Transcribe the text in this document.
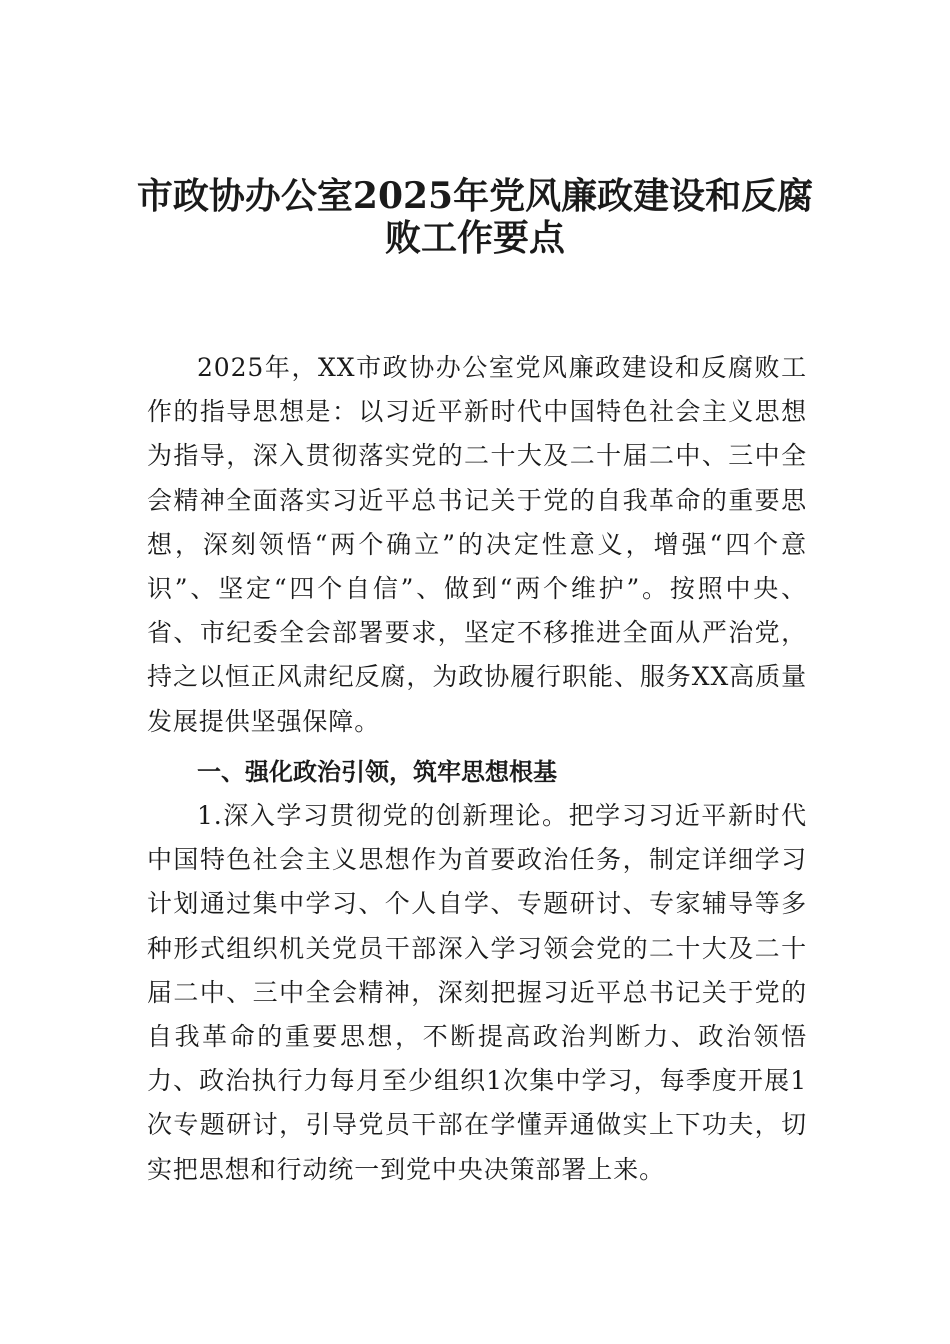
市政协办公室2025年党风廉政建设和反腐
败工作要点

2025年，XX市政协办公室党风廉政建设和反腐败工作的指导思想是：以习近平新时代中国特色社会主义思想为指导，深入贯彻落实党的二十大及二十届二中、三中全会精神全面落实习近平总书记关于党的自我革命的重要思想，深刻领悟“两个确立”的决定性意义，增强“四个意识”、坚定“四个自信”、做到“两个维护”。按照中央、省、市纪委全会部署要求，坚定不移推进全面从严治党，持之以恒正风肃纪反腐，为政协履行职能、服务XX高质量发展提供坚强保障。

一、强化政治引领，筑牢思想根基

1.深入学习贯彻党的创新理论。把学习习近平新时代中国特色社会主义思想作为首要政治任务，制定详细学习计划通过集中学习、个人自学、专题研讨、专家辅导等多种形式组织机关党员干部深入学习领会党的二十大及二十届二中、三中全会精神，深刻把握习近平总书记关于党的自我革命的重要思想，不断提高政治判断力、政治领悟力、政治执行力每月至少组织1次集中学习，每季度开展1次专题研讨，引导党员干部在学懂弄通做实上下功夫，切实把思想和行动统一到党中央决策部署上来。
